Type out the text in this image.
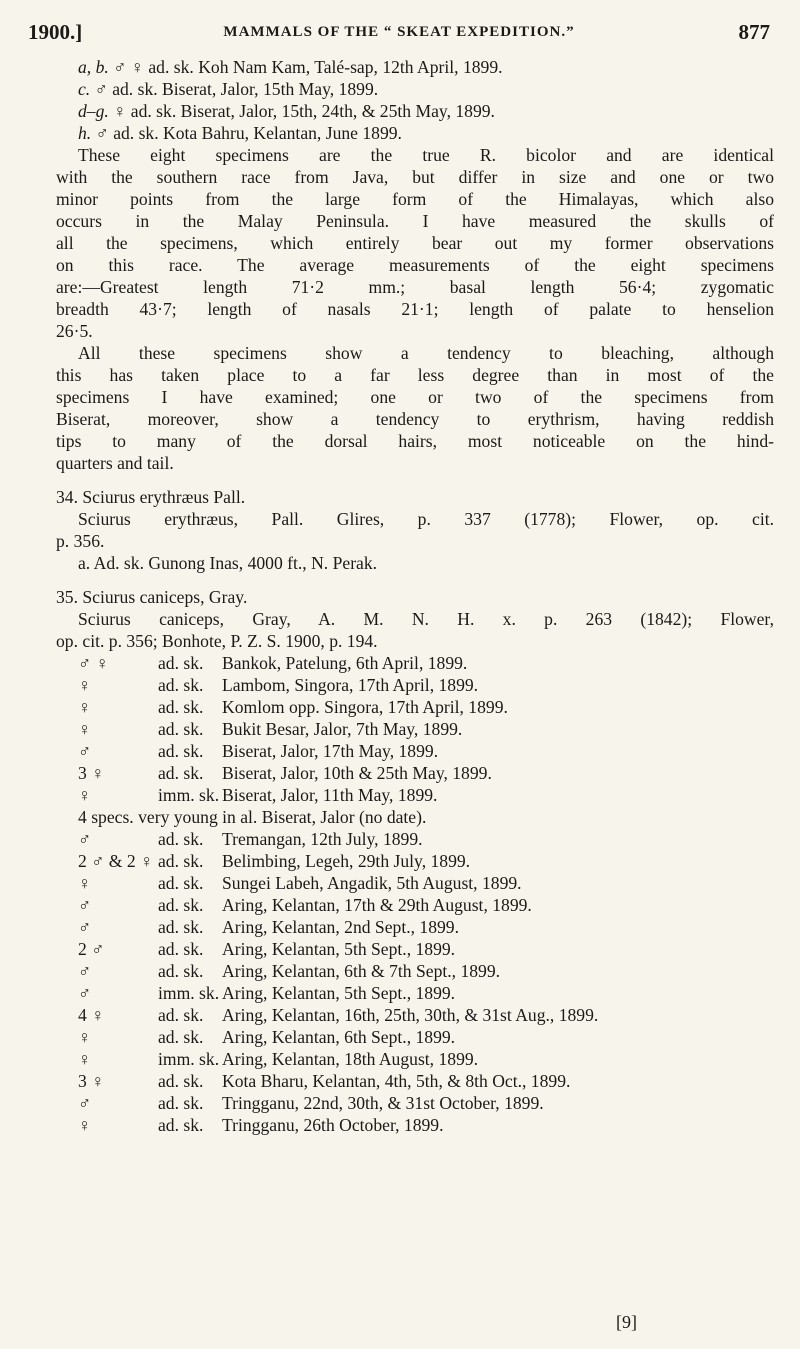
1900.]	MAMMALS OF THE “ SKEAT EXPEDITION.”	877
a, b. ♂ ♀ ad. sk. Koh Nam Kam, Talé-sap, 12th April, 1899.
c. ♂ ad. sk. Biserat, Jalor, 15th May, 1899.
d–g. ♀ ad. sk. Biserat, Jalor, 15th, 24th, & 25th May, 1899.
h. ♂ ad. sk. Kota Bahru, Kelantan, June 1899.
These eight specimens are the true R. bicolor and are identical
with the southern race from Java, but differ in size and one or two
minor points from the large form of the Himalayas, which also
occurs in the Malay Peninsula. I have measured the skulls of
all the specimens, which entirely bear out my former observations
on this race. The average measurements of the eight specimens
are:—Greatest length 71·2 mm.; basal length 56·4; zygomatic
breadth 43·7; length of nasals 21·1; length of palate to henselion
26·5.
All these specimens show a tendency to bleaching, although
this has taken place to a far less degree than in most of the
specimens I have examined; one or two of the specimens from
Biserat, moreover, show a tendency to erythrism, having reddish
tips to many of the dorsal hairs, most noticeable on the hind-
quarters and tail.
34. Sciurus erythræus Pall.
Sciurus erythræus, Pall. Glires, p. 337 (1778); Flower, op. cit.
p. 356.
a. Ad. sk. Gunong Inas, 4000 ft., N. Perak.
35. Sciurus caniceps, Gray.
Sciurus caniceps, Gray, A. M. N. H. x. p. 263 (1842); Flower,
op. cit. p. 356; Bonhote, P. Z. S. 1900, p. 194.
♂ ♀	ad. sk.	Bankok, Patelung, 6th April, 1899.
♀	ad. sk.	Lambom, Singora, 17th April, 1899.
♀	ad. sk.	Komlom opp. Singora, 17th April, 1899.
♀	ad. sk.	Bukit Besar, Jalor, 7th May, 1899.
♂	ad. sk.	Biserat, Jalor, 17th May, 1899.
3 ♀	ad. sk.	Biserat, Jalor, 10th & 25th May, 1899.
♀	imm. sk. Biserat, Jalor, 11th May, 1899.
4 specs. very young in al. Biserat, Jalor (no date).
♂	ad. sk.	Tremangan, 12th July, 1899.
2 ♂ & 2 ♀ ad. sk.	Belimbing, Legeh, 29th July, 1899.
♀	ad. sk.	Sungei Labeh, Angadik, 5th August, 1899.
♂	ad. sk.	Aring, Kelantan, 17th & 29th August, 1899.
♂	ad. sk.	Aring, Kelantan, 2nd Sept., 1899.
2 ♂	ad. sk.	Aring, Kelantan, 5th Sept., 1899.
♂	ad. sk.	Aring, Kelantan, 6th & 7th Sept., 1899.
♂	imm. sk. Aring, Kelantan, 5th Sept., 1899.
4 ♀	ad. sk.	Aring, Kelantan, 16th, 25th, 30th, & 31st Aug., 1899.
♀	ad. sk.	Aring, Kelantan, 6th Sept., 1899.
♀	imm. sk. Aring, Kelantan, 18th August, 1899.
3 ♀	ad. sk.	Kota Bharu, Kelantan, 4th, 5th, & 8th Oct., 1899.
♂	ad. sk.	Tringganu, 22nd, 30th, & 31st October, 1899.
♀	ad. sk.	Tringganu, 26th October, 1899.
[9]
